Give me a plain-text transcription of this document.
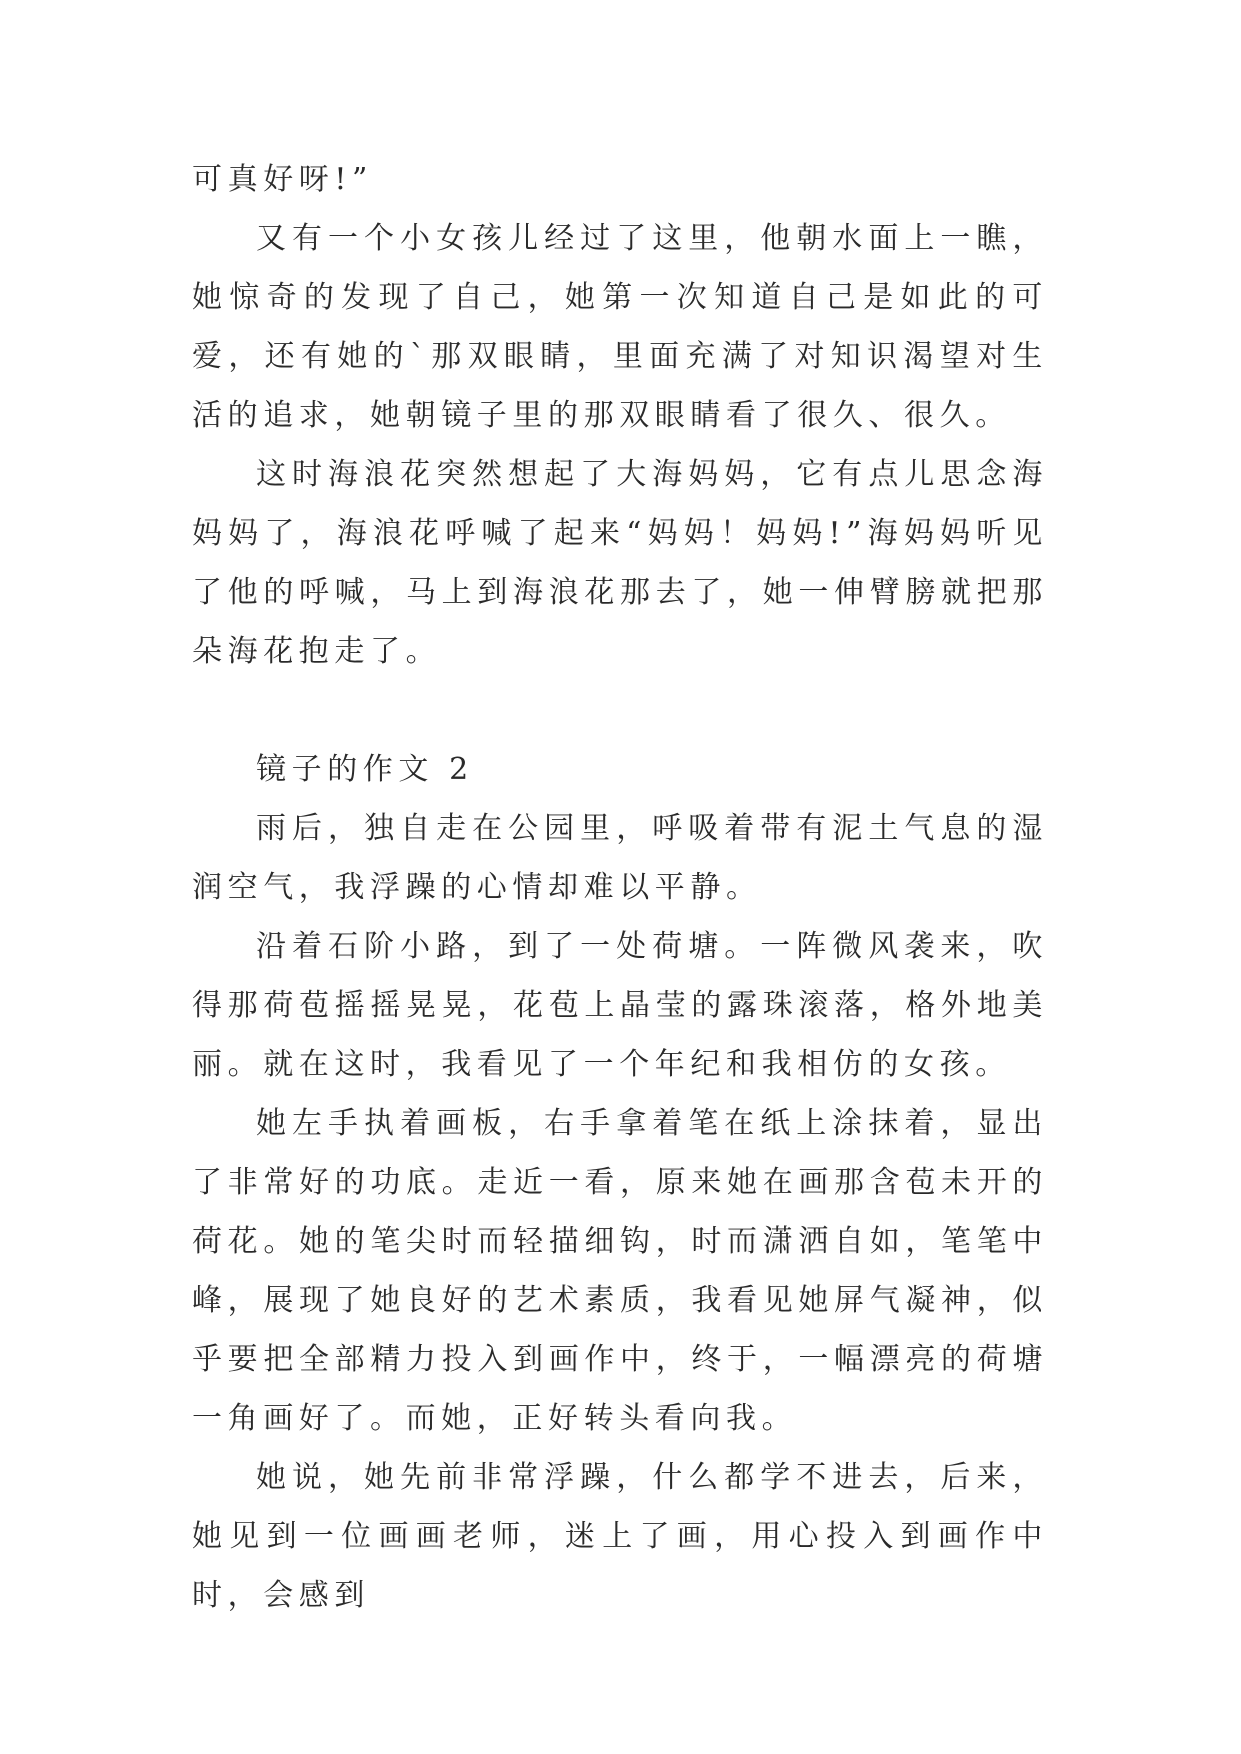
可真好呀!”

又有一个小女孩儿经过了这里，他朝水面上一瞧，她惊奇的发现了自己，她第一次知道自己是如此的可爱，还有她的`那双眼睛，里面充满了对知识渴望对生活的追求，她朝镜子里的那双眼睛看了很久、很久。

这时海浪花突然想起了大海妈妈，它有点儿思念海妈妈了，海浪花呼喊了起来“妈妈！妈妈!”海妈妈听见了他的呼喊，马上到海浪花那去了，她一伸臂膀就把那朵海花抱走了。

镜子的作文 2

雨后，独自走在公园里，呼吸着带有泥土气息的湿润空气，我浮躁的心情却难以平静。

沿着石阶小路，到了一处荷塘。一阵微风袭来，吹得那荷苞摇摇晃晃，花苞上晶莹的露珠滚落，格外地美丽。就在这时，我看见了一个年纪和我相仿的女孩。

她左手执着画板，右手拿着笔在纸上涂抹着，显出了非常好的功底。走近一看，原来她在画那含苞未开的荷花。她的笔尖时而轻描细钩，时而潇洒自如，笔笔中峰，展现了她良好的艺术素质，我看见她屏气凝神，似乎要把全部精力投入到画作中，终于，一幅漂亮的荷塘一角画好了。而她，正好转头看向我。

她说，她先前非常浮躁，什么都学不进去，后来，她见到一位画画老师，迷上了画，用心投入到画作中时，会感到
